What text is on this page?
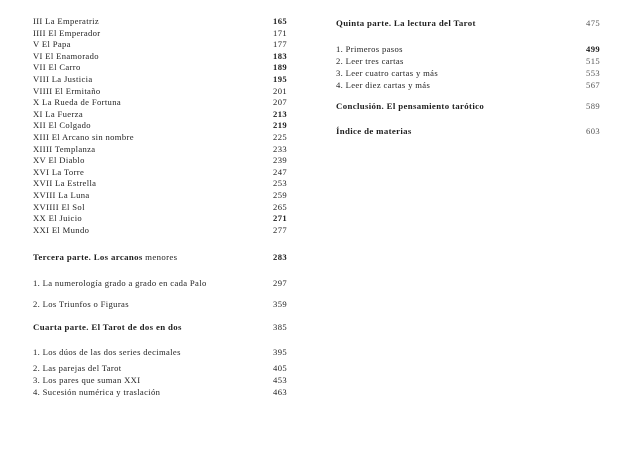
III La Emperatriz	165
IIII El Emperador	171
V El Papa	177
VI El Enamorado	183
VII El Carro	189
VIII La Justicia	195
VIIII El Ermitaño	201
X La Rueda de Fortuna	207
XI La Fuerza	213
XII El Colgado	219
XIII El Arcano sin nombre	225
XIIII Templanza	233
XV El Diablo	239
XVI La Torre	247
XVII La Estrella	253
XVIII La Luna	259
XVIIII El Sol	265
XX El Juicio	271
XXI El Mundo	277
Tercera parte. Los arcanos menores	283
1. La numerología grado a grado en cada Palo	297
2. Los Triunfos o Figuras	359
Cuarta parte. El Tarot de dos en dos	385
1. Los dúos de las dos series decimales	395
2. Las parejas del Tarot	405
3. Los pares que suman XXI	453
4. Sucesión numérica y traslación	463
Quinta parte. La lectura del Tarot	475
1. Primeros pasos	499
2. Leer tres cartas	515
3. Leer cuatro cartas y más	553
4. Leer diez cartas y más	567
Conclusión. El pensamiento tarótico	589
Índice de materias	603
